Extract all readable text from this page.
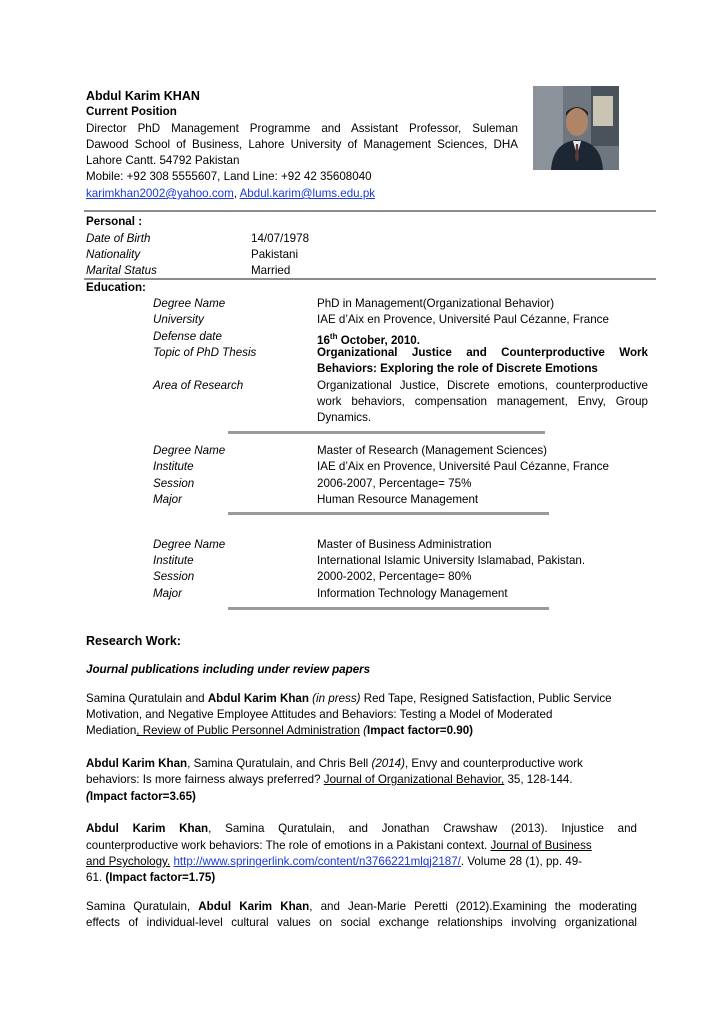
Abdul Karim KHAN
Current Position
Director PhD Management Programme and Assistant Professor, Suleman
Dawood School of Business, Lahore University of Management Sciences, DHA
Lahore Cantt. 54792 Pakistan
Mobile: +92 308 5555607, Land Line: +92 42 35608040
karimkhan2002@yahoo.com, Abdul.karim@lums.edu.pk
Personal :
Date of Birth	14/07/1978
Nationality	Pakistani
Marital Status	Married
Education:
Degree Name	PhD in Management(Organizational Behavior)
University	IAE d’Aix en Provence, Université Paul Cézanne, France
Defense date	16th October, 2010.
Topic of PhD Thesis	Organizational Justice and Counterproductive Work
Behaviors: Exploring the role of Discrete Emotions
Area of Research	Organizational Justice, Discrete emotions, counterproductive
work behaviors, compensation management, Envy, Group
Dynamics.
Degree Name	Master of Research (Management Sciences)
Institute	IAE d’Aix en Provence, Université Paul Cézanne, France
Session	2006-2007, Percentage= 75%
Major	Human Resource Management
Degree Name	Master of Business Administration
Institute	International Islamic University Islamabad, Pakistan.
Session	2000-2002, Percentage= 80%
Major	Information Technology Management
Research Work:
Journal publications including under review papers
Samina Quratulain and Abdul Karim Khan (in press) Red Tape, Resigned Satisfaction, Public Service
Motivation, and Negative Employee Attitudes and Behaviors: Testing a Model of Moderated
Mediation, Review of Public Personnel Administration (Impact factor=0.90)
Abdul Karim Khan, Samina Quratulain, and Chris Bell (2014), Envy and counterproductive work
behaviors: Is more fairness always preferred? Journal of Organizational Behavior, 35, 128-144.
(Impact factor=3.65)
Abdul Karim Khan, Samina Quratulain, and Jonathan Crawshaw (2013). Injustice and
counterproductive work behaviors: The role of emotions in a Pakistani context. Journal of Business
and Psychology. http://www.springerlink.com/content/n3766221mlqj2187/. Volume 28 (1), pp. 49-
61. (Impact factor=1.75)
Samina Quratulain, Abdul Karim Khan, and Jean-Marie Peretti (2012).Examining the moderating
effects of individual-level cultural values on social exchange relationships involving organizational
